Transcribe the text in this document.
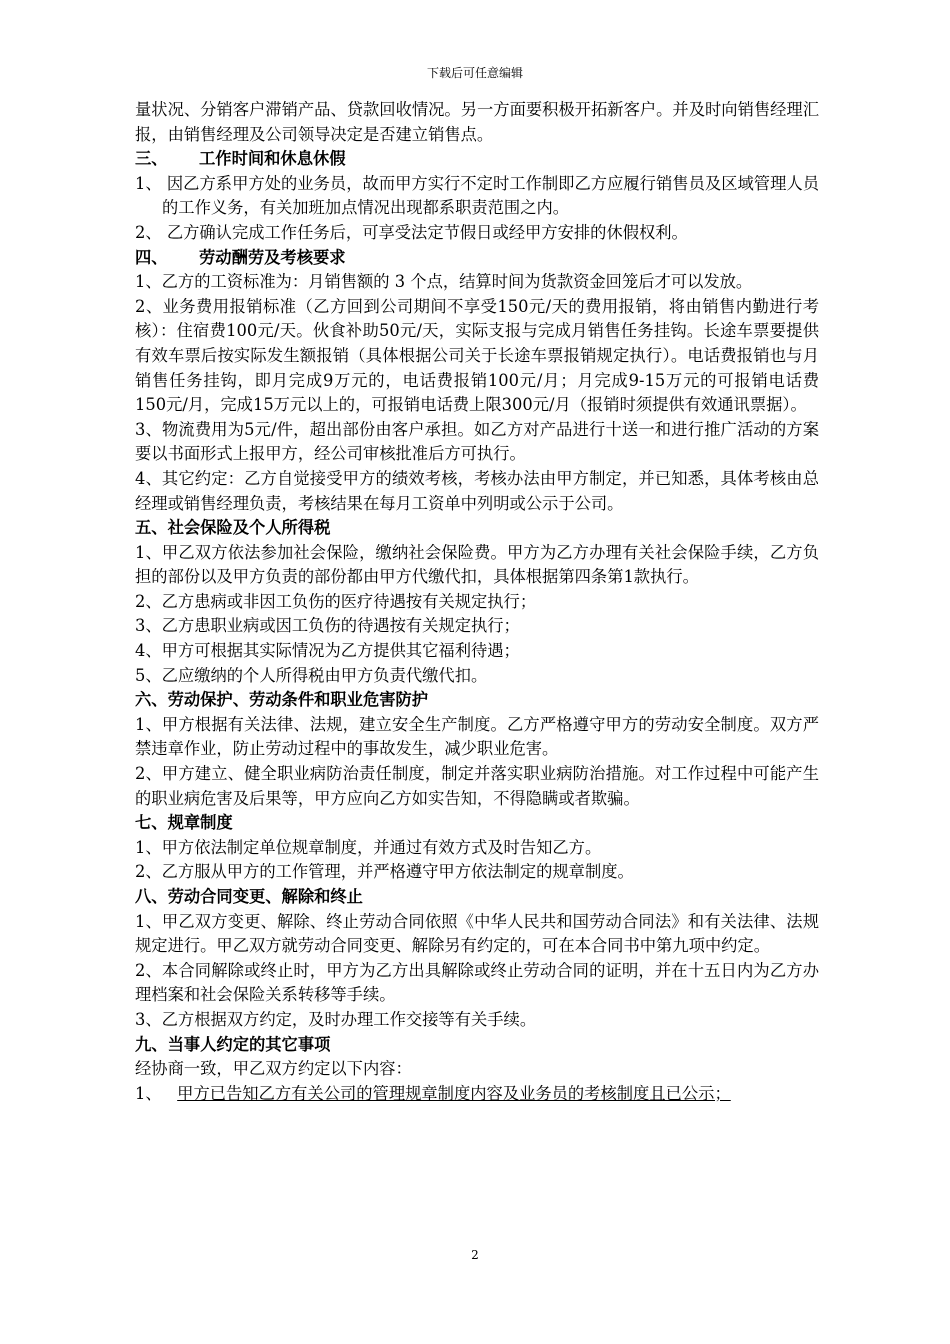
下载后可任意编辑

量状况、分销客户滞销产品、贷款回收情况。另一方面要积极开拓新客户。并及时向销售经理汇报，由销售经理及公司领导决定是否建立销售点。

三、 工作时间和休息休假

1、 因乙方系甲方处的业务员，故而甲方实行不定时工作制即乙方应履行销售员及区域管理人员的工作义务，有关加班加点情况出现都系职责范围之内。

2、 乙方确认完成工作任务后，可享受法定节假日或经甲方安排的休假权利。

四、 劳动酬劳及考核要求

1、乙方的工资标准为：月销售额的 3 个点，结算时间为货款资金回笼后才可以发放。

2、业务费用报销标准（乙方回到公司期间不享受150元/天的费用报销，将由销售内勤进行考核）：住宿费100元/天。伙食补助50元/天，实际支报与完成月销售任务挂钩。长途车票要提供有效车票后按实际发生额报销（具体根据公司关于长途车票报销规定执行）。电话费报销也与月销售任务挂钩，即月完成9万元的，电话费报销100元/月；月完成9-15万元的可报销电话费150元/月，完成15万元以上的，可报销电话费上限300元/月（报销时须提供有效通讯票据）。

3、物流费用为5元/件，超出部份由客户承担。如乙方对产品进行十送一和进行推广活动的方案要以书面形式上报甲方，经公司审核批准后方可执行。

4、其它约定：乙方自觉接受甲方的绩效考核，考核办法由甲方制定，并已知悉，具体考核由总经理或销售经理负责，考核结果在每月工资单中列明或公示于公司。

五、社会保险及个人所得税

1、甲乙双方依法参加社会保险，缴纳社会保险费。甲方为乙方办理有关社会保险手续，乙方负担的部份以及甲方负责的部份都由甲方代缴代扣，具体根据第四条第1款执行。

2、乙方患病或非因工负伤的医疗待遇按有关规定执行；

3、乙方患职业病或因工负伤的待遇按有关规定执行；

4、甲方可根据其实际情况为乙方提供其它福利待遇；

5、乙应缴纳的个人所得税由甲方负责代缴代扣。

六、劳动保护、劳动条件和职业危害防护

1、甲方根据有关法律、法规，建立安全生产制度。乙方严格遵守甲方的劳动安全制度。双方严禁违章作业，防止劳动过程中的事故发生，减少职业危害。

2、甲方建立、健全职业病防治责任制度，制定并落实职业病防治措施。对工作过程中可能产生的职业病危害及后果等，甲方应向乙方如实告知，不得隐瞒或者欺骗。

七、规章制度

1、甲方依法制定单位规章制度，并通过有效方式及时告知乙方。

2、乙方服从甲方的工作管理，并严格遵守甲方依法制定的规章制度。

八、劳动合同变更、解除和终止

1、甲乙双方变更、解除、终止劳动合同依照《中华人民共和国劳动合同法》和有关法律、法规规定进行。甲乙双方就劳动合同变更、解除另有约定的，可在本合同书中第九项中约定。

2、本合同解除或终止时，甲方为乙方出具解除或终止劳动合同的证明，并在十五日内为乙方办理档案和社会保险关系转移等手续。

3、乙方根据双方约定，及时办理工作交接等有关手续。

九、当事人约定的其它事项

经协商一致，甲乙双方约定以下内容：

1、 甲方已告知乙方有关公司的管理规章制度内容及业务员的考核制度且已公示；

2
